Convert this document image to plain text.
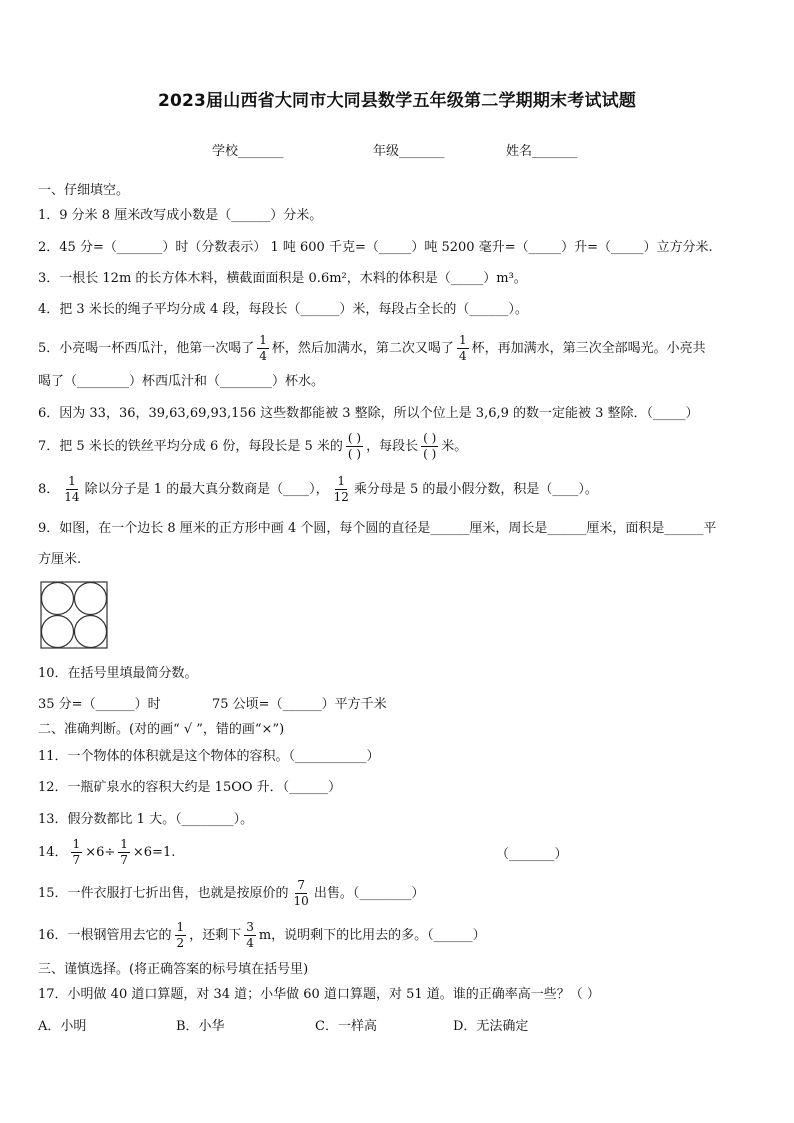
2023届山西省大同市大同县数学五年级第二学期期末考试试题
学校_______	年级_______	姓名_______
一、仔细填空。
1．9 分米 8 厘米改写成小数是（______）分米。
2．45 分=（_______）时（分数表示） 1 吨 600 千克=（_____）吨 5200 毫升=（_____）升=（_____）立方分米.
3．一根长 12m 的长方体木料，横截面面积是 0.6m²，木料的体积是（_____）m³。
4．把 3 米长的绳子平均分成 4 段，每段长（______）米，每段占全长的（______）。
5．小亮喝一杯西瓜汁，他第一次喝了 $\frac{1}{4}$ 杯，然后加满水，第二次又喝了 $\frac{1}{4}$ 杯，再加满水，第三次全部喝光。小亮共
喝了（________）杯西瓜汁和（________）杯水。
6．因为 33，36，39,63,69,93,156 这些数都能被 3 整除，所以个位上是 3,6,9 的数一定能被 3 整除．（_____）
7．把 5 米长的铁丝平均分成 6 份，每段长是 5 米的 $\frac{( )}{( )}$ ，每段长 $\frac{( )}{( )}$ 米。
8． $\frac{1}{14}$ 除以分子是 1 的最大真分数商是（____）， $\frac{1}{12}$ 乘分母是 5 的最小假分数，积是（____）。
9．如图，在一个边长 8 厘米的正方形中画 4 个圆，每个圆的直径是______厘米，周长是______厘米，面积是______平
方厘米.
10．在括号里填最简分数。
35 分=（______）时	75 公顷=（______）平方千米
二、准确判断。(对的画“ √ ”，错的画“×”)
11．一个物体的体积就是这个物体的容积。（___________）
12．一瓶矿泉水的容积大约是 15OO 升．（______）
13．假分数都比 1 大。（________）。
14． $\frac{1}{7} \times 6\div \frac{1}{7} \times 6=1$.	（_______）
15．一件衣服打七折出售，也就是按原价的 $\frac{7}{10}$ 出售。（________）
16．一根钢管用去它的 $\frac{1}{2}$ ，还剩下 $\frac{3}{4}$ m，说明剩下的比用去的多。（______）
三、谨慎选择。(将正确答案的标号填在括号里)
17．小明做 40 道口算题，对 34 道；小华做 60 道口算题，对 51 道。谁的正确率高一些？（ ）
A．小明	B．小华	C．一样高	D．无法确定
